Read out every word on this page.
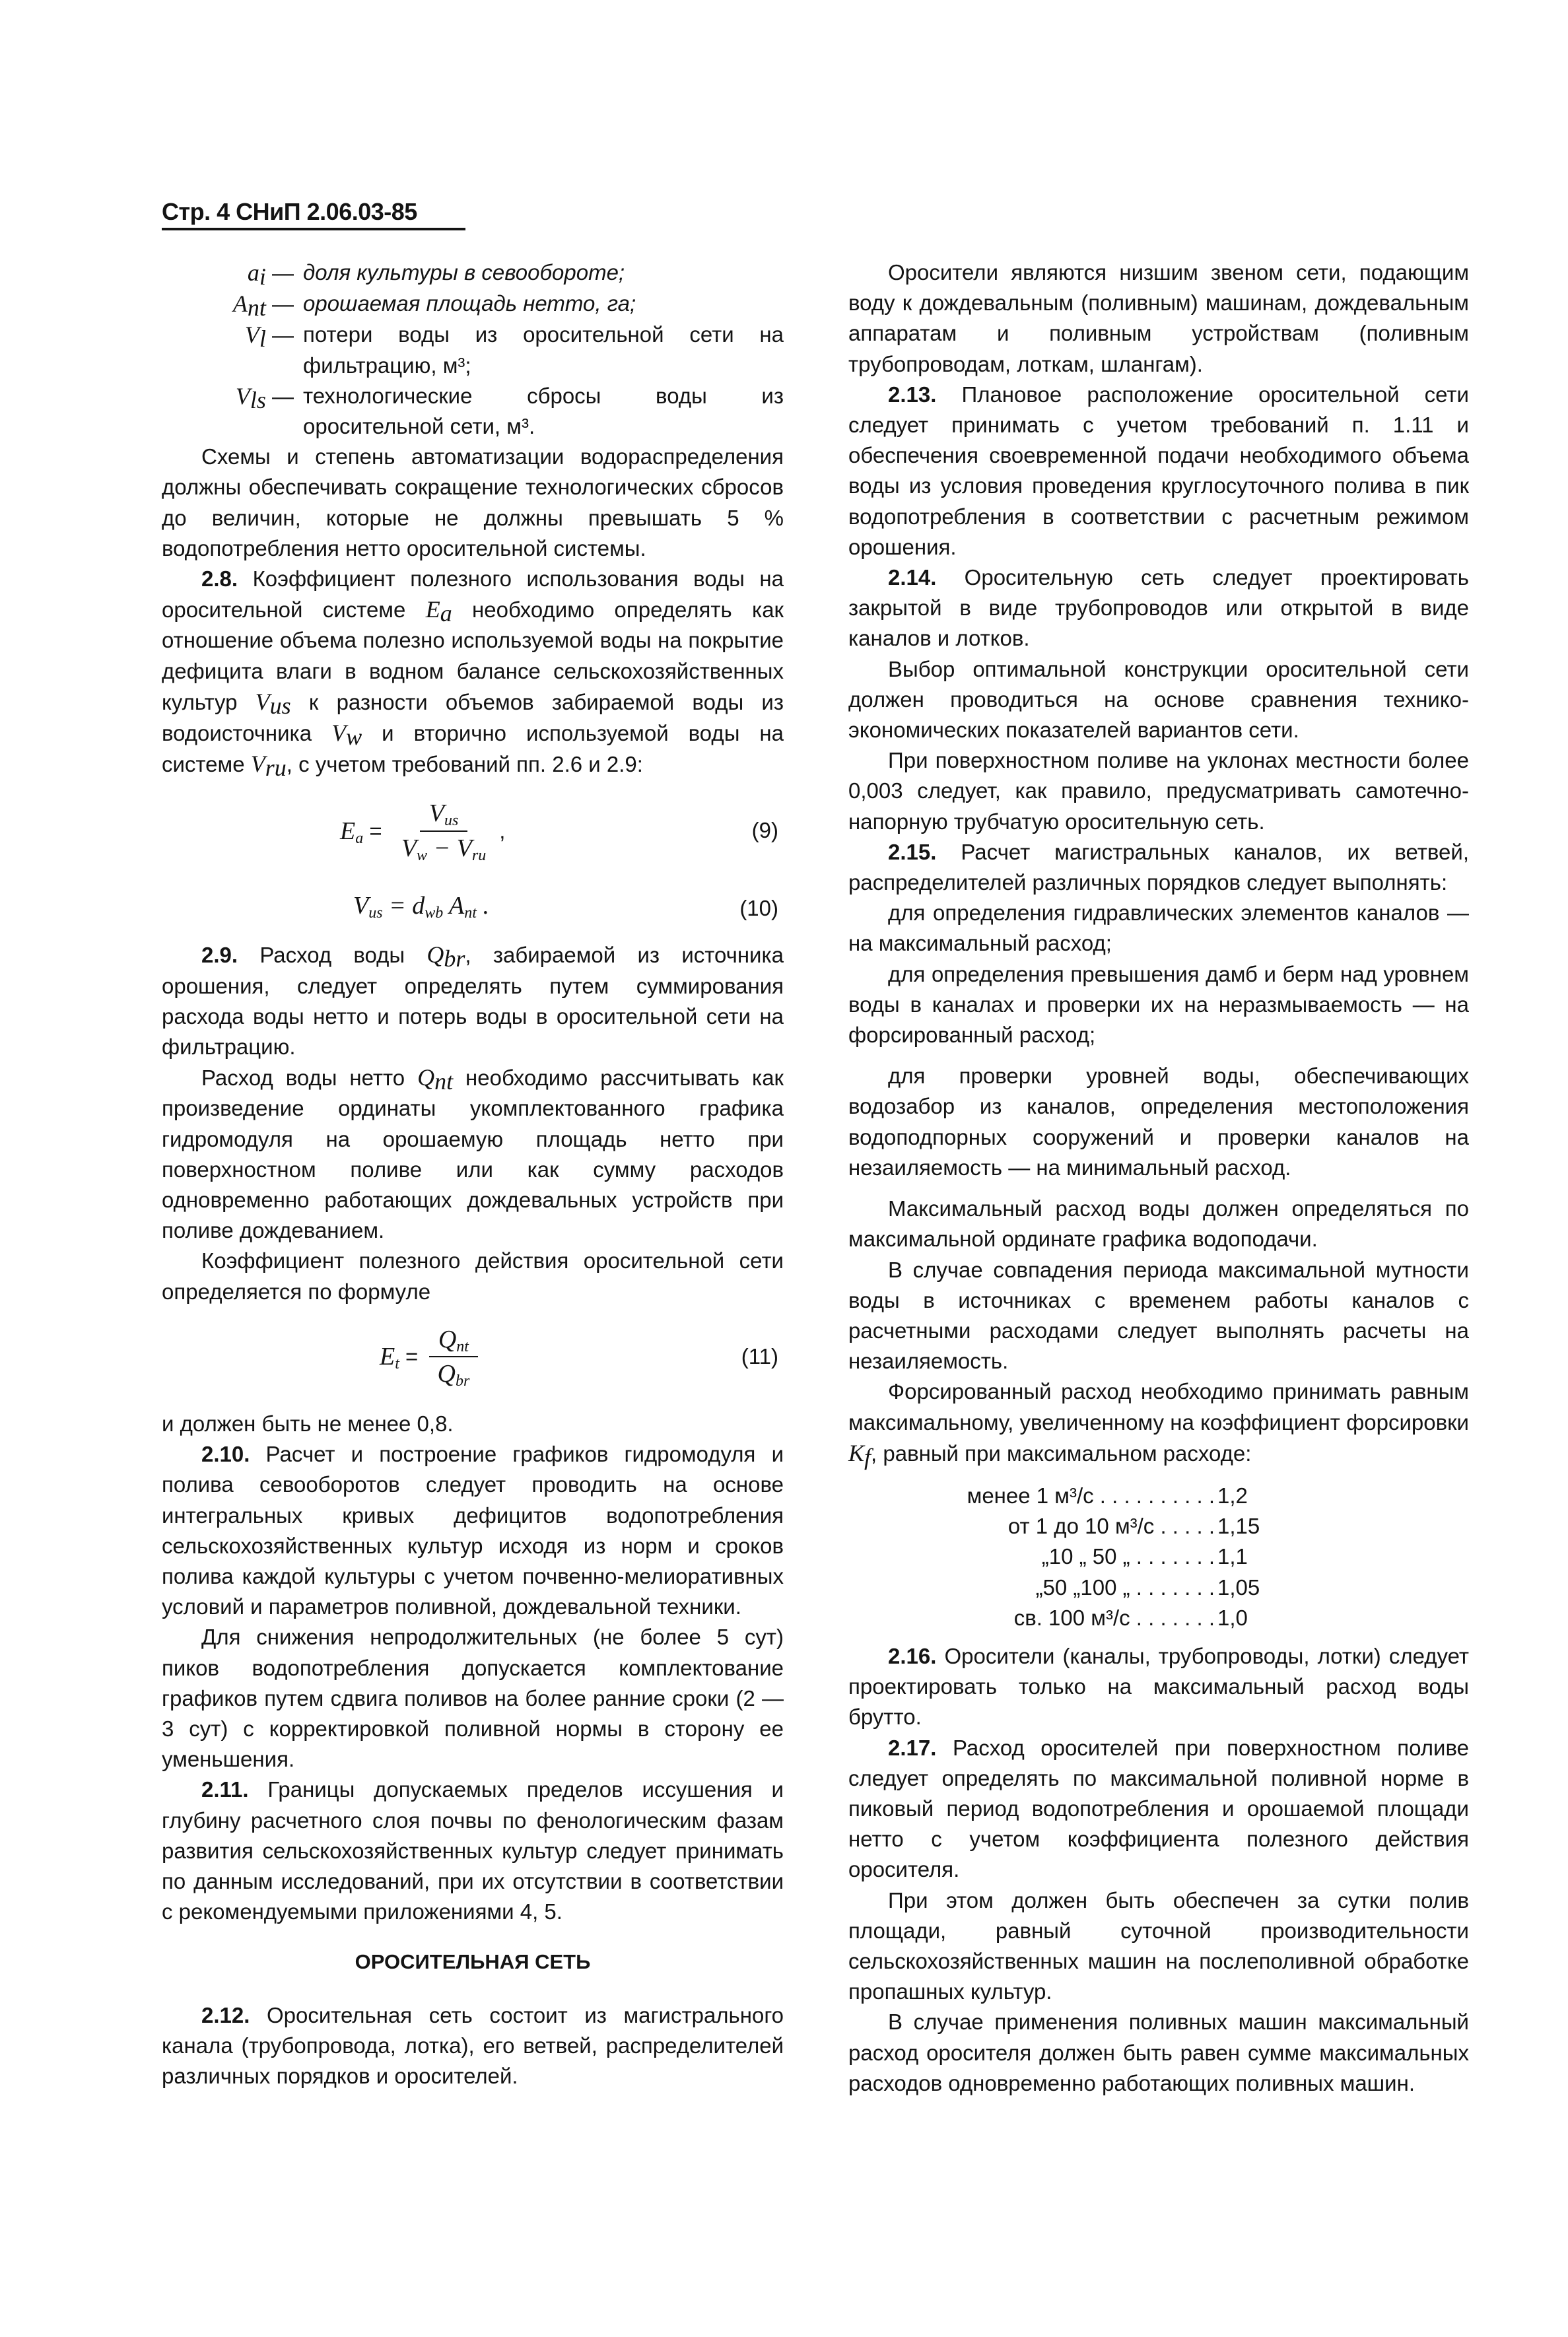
Стр. 4 СНиП 2.06.03-85
$a_i$ — доля культуры в севообороте;
$A_{nt}$ — орошаемая площадь нетто, га;
$V_l$ — потери воды из оросительной сети на фильтрацию, м³;
$V_{ls}$ — технологические сбросы воды из оросительной сети, м³.

Схемы и степень автоматизации водораспределения должны обеспечивать сокращение технологических сбросов до величин, которые не должны превышать 5 % водопотребления нетто оросительной системы.

2.8. Коэффициент полезного использования воды на оросительной системе $E_a$ необходимо определять как отношение объема полезно используемой воды на покрытие дефицита влаги в водном балансе сельскохозяйственных культур $V_{us}$ к разности объемов забираемой воды из водоисточника $V_w$ и вторично используемой воды на системе $V_{ru}$, с учетом требований пп. 2.6 и 2.9:

$E_a = \frac{V_{us}}{V_w - V_{ru}}$ ,	(9)
$V_{us} = d_{wb}$ $A_{nt}$ .	(10)

2.9. Расход воды $Q_{br}$, забираемой из источника орошения, следует определять путем суммирования расхода воды нетто и потерь воды в оросительной сети на фильтрацию.

Расход воды нетто $Q_{nt}$ необходимо рассчитывать как произведение ординаты укомплектованного графика гидромодуля на орошаемую площадь нетто при поверхностном поливе или как сумму расходов одновременно работающих дождевальных устройств при поливе дождеванием.

Коэффициент полезного действия оросительной сети определяется по формуле

$E_t = \frac{Q_{nt}}{Q_{br}}$	(11)

и должен быть не менее 0,8.

2.10. Расчет и построение графиков гидромодуля и полива севооборотов следует проводить на основе интегральных кривых дефицитов водопотребления сельскохозяйственных культур исходя из норм и сроков полива каждой культуры с учетом почвенно-мелиоративных условий и параметров поливной, дождевальной техники.

Для снижения непродолжительных (не более 5 сут) пиков водопотребления допускается комплектование графиков путем сдвига поливов на более ранние сроки (2 — 3 сут) с корректировкой поливной нормы в сторону ее уменьшения.

2.11. Границы допускаемых пределов иссушения и глубину расчетного слоя почвы по фенологическим фазам развития сельскохозяйственных культур следует принимать по данным исследований, при их отсутствии в соответствии с рекомендуемыми приложениями 4, 5.

ОРОСИТЕЛЬНАЯ СЕТЬ

2.12. Оросительная сеть состоит из магистрального канала (трубопровода, лотка), его ветвей, распределителей различных порядков и оросителей.

Оросители являются низшим звеном сети, подающим воду к дождевальным (поливным) машинам, дождевальным аппаратам и поливным устройствам (поливным трубопроводам, лоткам, шлангам).

2.13. Плановое расположение оросительной сети следует принимать с учетом требований п. 1.11 и обеспечения своевременной подачи необходимого объема воды из условия проведения круглосуточного полива в пик водопотребления в соответствии с расчетным режимом орошения.

2.14. Оросительную сеть следует проектировать закрытой в виде трубопроводов или открытой в виде каналов и лотков.

Выбор оптимальной конструкции оросительной сети должен проводиться на основе сравнения технико-экономических показателей вариантов сети.

При поверхностном поливе на уклонах местности более 0,003 следует, как правило, предусматривать самотечно-напорную трубчатую оросительную сеть.

2.15. Расчет магистральных каналов, их ветвей, распределителей различных порядков следует выполнять:

для определения гидравлических элементов каналов — на максимальный расход;

для определения превышения дамб и берм над уровнем воды в каналах и проверки их на неразмываемость — на форсированный расход;

для проверки уровней воды, обеспечивающих водозабор из каналов, определения местоположения водоподпорных сооружений и проверки каналов на незаиляемость — на минимальный расход.

Максимальный расход воды должен определяться по максимальной ординате графика водоподачи.

В случае совпадения периода максимальной мутности воды в источниках с временем работы каналов с расчетными расходами следует выполнять расчеты на незаиляемость.

Форсированный расход необходимо принимать равным максимальному, увеличенному на коэффициент форсировки $K_f$, равный при максимальном расходе:

менее 1 м³/с . . . . . . . . . . 1,2
от 1 до 10 м³/с . . . . . 1,15
„10 „ 50 „ . . . . . . . 1,1
„50 „100 „ . . . . . . . 1,05
св. 100 м³/с . . . . . . . 1,0

2.16. Оросители (каналы, трубопроводы, лотки) следует проектировать только на максимальный расход воды брутто.

2.17. Расход оросителей при поверхностном поливе следует определять по максимальной поливной норме в пиковый период водопотребления и орошаемой площади нетто с учетом коэффициента полезного действия оросителя.

При этом должен быть обеспечен за сутки полив площади, равный суточной производительности сельскохозяйственных машин на послеполивной обработке пропашных культур.

В случае применения поливных машин максимальный расход оросителя должен быть равен сумме максимальных расходов одновременно работающих поливных машин.
